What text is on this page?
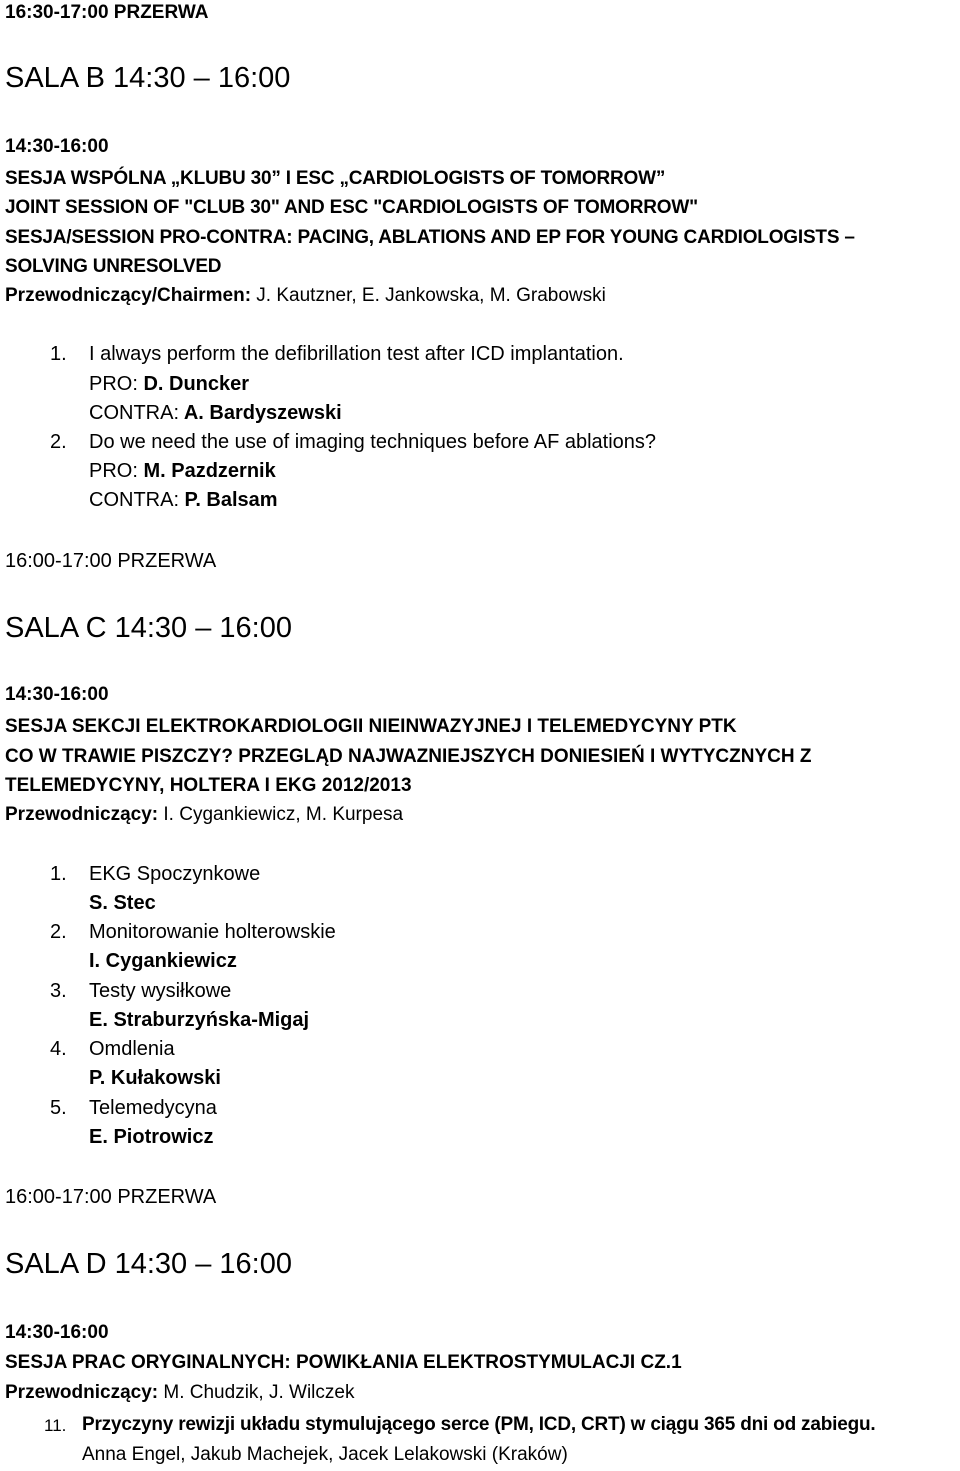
16:30-17:00 PRZERWA
SALA B 14:30 – 16:00
14:30-16:00
SESJA WSPÓLNA „KLUBU 30” I ESC „CARDIOLOGISTS OF TOMORROW”
JOINT SESSION OF "CLUB 30" AND ESC "CARDIOLOGISTS OF TOMORROW"
SESJA/SESSION PRO-CONTRA: PACING, ABLATIONS AND EP FOR YOUNG CARDIOLOGISTS –
SOLVING UNRESOLVED
Przewodniczący/Chairmen: J. Kautzner, E. Jankowska, M. Grabowski
1. I always perform the defibrillation test after ICD implantation.
PRO: D. Duncker
CONTRA: A. Bardyszewski
2. Do we need the use of imaging techniques before AF ablations?
PRO: M. Pazdzernik
CONTRA: P. Balsam
16:00-17:00 PRZERWA
SALA C 14:30 – 16:00
14:30-16:00
SESJA SEKCJI ELEKTROKARDIOLOGII NIEINWAZYJNEJ I TELEMEDYCYNY PTK
CO W TRAWIE PISZCZY? PRZEGLĄD NAJWAZNIEJSZYCH DONIESIEŃ I WYTYCZNYCH Z
TELEMEDYCYNY, HOLTERA I EKG 2012/2013
Przewodniczący: I. Cygankiewicz, M. Kurpesa
1. EKG Spoczynkowe
S. Stec
2. Monitorowanie holterowskie
I. Cygankiewicz
3. Testy wysiłkowe
E. Straburzyńska-Migaj
4. Omdlenia
P. Kułakowski
5. Telemedycyna
E. Piotrowicz
16:00-17:00 PRZERWA
SALA D 14:30 – 16:00
14:30-16:00
SESJA PRAC ORYGINALNYCH: POWIKŁANIA ELEKTROSTYMULACJI CZ.1
Przewodniczący: M. Chudzik, J. Wilczek
11. Przyczyny rewizji układu stymulującego serce (PM, ICD, CRT) w ciągu 365 dni od zabiegu.
Anna Engel, Jakub Machejek, Jacek Lelakowski (Kraków)
